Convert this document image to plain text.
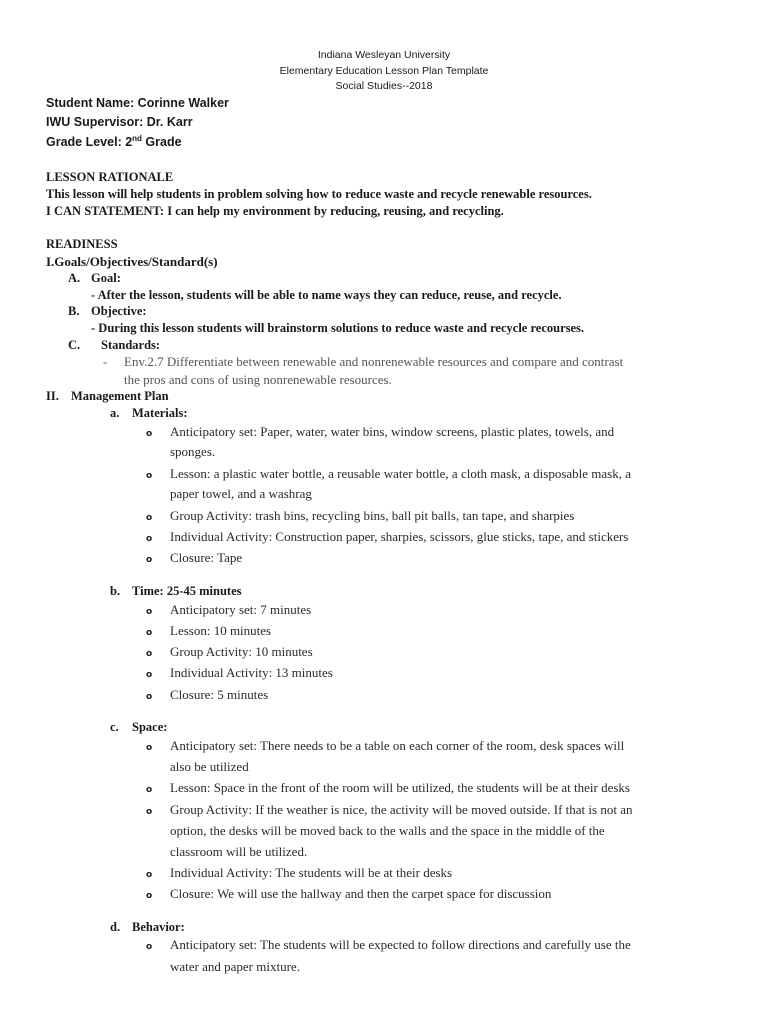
Indiana Wesleyan University
Elementary Education Lesson Plan Template
Social Studies--2018
Student Name: Corinne Walker
IWU Supervisor: Dr. Karr
Grade Level: 2nd Grade
LESSON RATIONALE
This lesson will help students in problem solving how to reduce waste and recycle renewable resources.
I CAN STATEMENT: I can help my environment by reducing, reusing, and recycling.
READINESS
I.Goals/Objectives/Standard(s)
A. Goal:
- After the lesson, students will be able to name ways they can reduce, reuse, and recycle.
B. Objective:
- During this lesson students will brainstorm solutions to reduce waste and recycle recourses.
C. Standards:
- Env.2.7 Differentiate between renewable and nonrenewable resources and compare and contrast
the pros and cons of using nonrenewable resources.
II. Management Plan
a. Materials:
o Anticipatory set: Paper, water, water bins, window screens, plastic plates, towels, and
sponges.
o Lesson: a plastic water bottle, a reusable water bottle, a cloth mask, a disposable mask, a
paper towel, and a washrag
o Group Activity: trash bins, recycling bins, ball pit balls, tan tape, and sharpies
o Individual Activity: Construction paper, sharpies, scissors, glue sticks, tape, and stickers
o Closure: Tape
b. Time: 25-45 minutes
o Anticipatory set: 7 minutes
o Lesson: 10 minutes
o Group Activity: 10 minutes
o Individual Activity: 13 minutes
o Closure: 5 minutes
c. Space:
o Anticipatory set: There needs to be a table on each corner of the room, desk spaces will
also be utilized
o Lesson: Space in the front of the room will be utilized, the students will be at their desks
o Group Activity: If the weather is nice, the activity will be moved outside. If that is not an
option, the desks will be moved back to the walls and the space in the middle of the
classroom will be utilized.
o Individual Activity: The students will be at their desks
o Closure: We will use the hallway and then the carpet space for discussion
d. Behavior:
o Anticipatory set: The students will be expected to follow directions and carefully use the
water and paper mixture.
